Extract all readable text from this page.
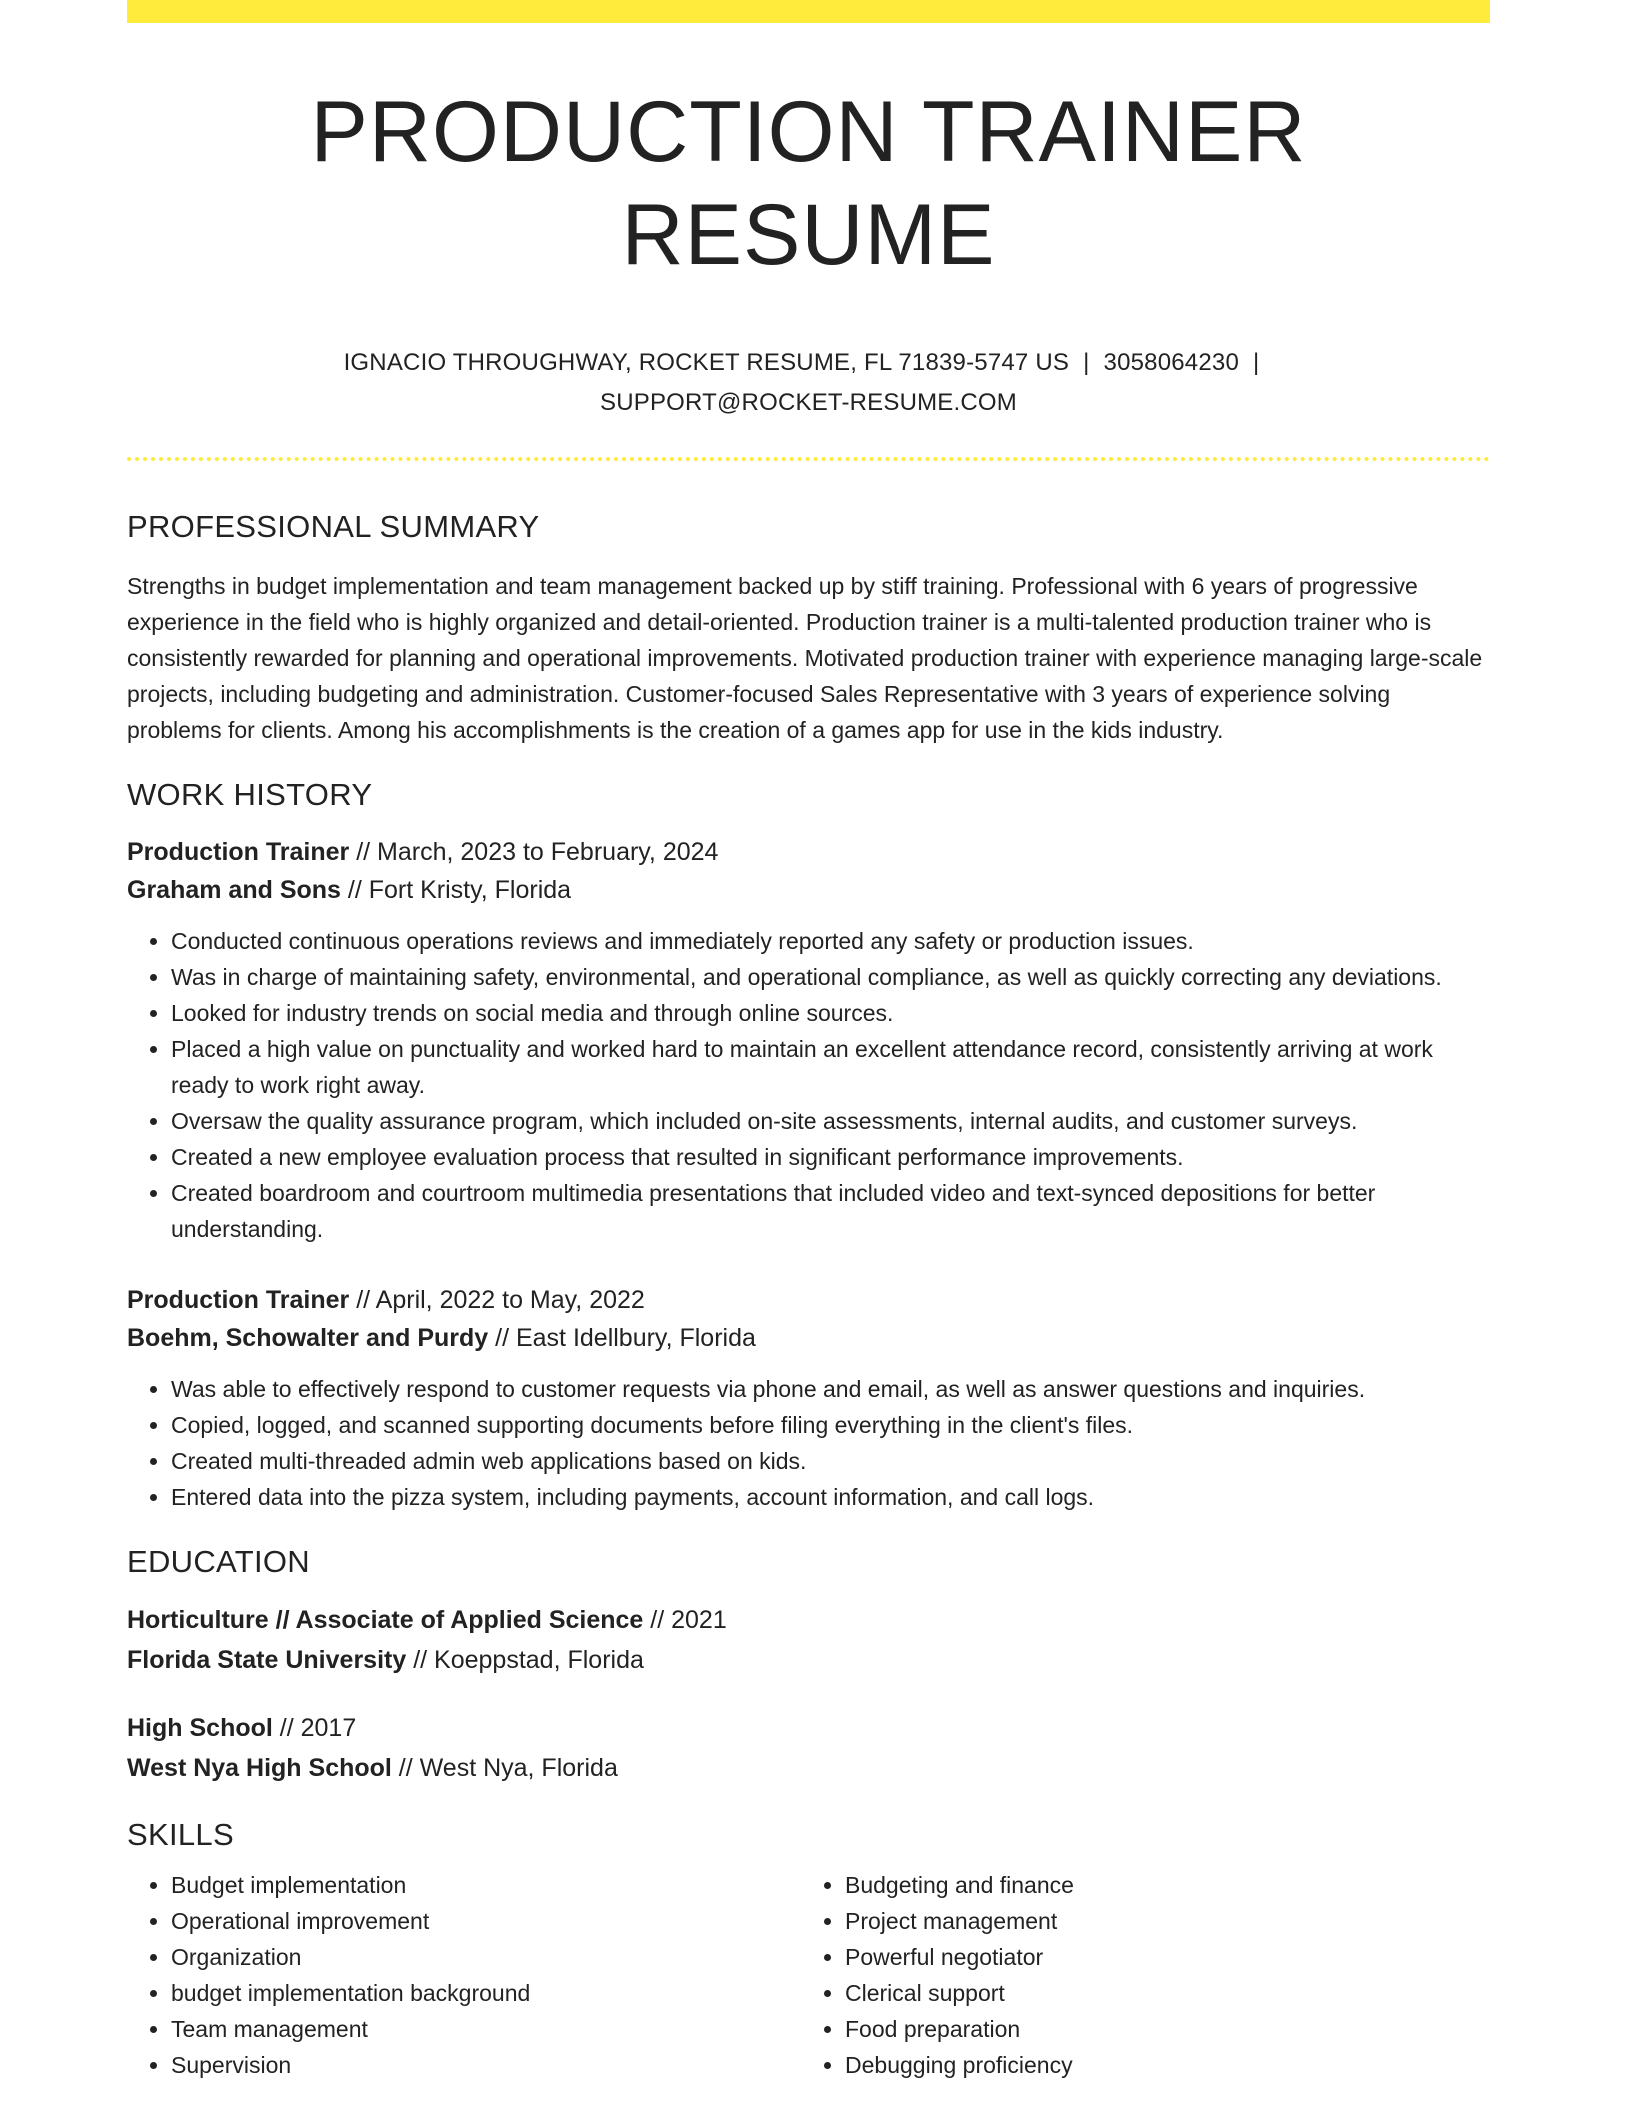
PRODUCTION TRAINER RESUME
IGNACIO THROUGHWAY, ROCKET RESUME, FL 71839-5747 US | 3058064230 |
SUPPORT@ROCKET-RESUME.COM
PROFESSIONAL SUMMARY

Strengths in budget implementation and team management backed up by stiff training. Professional with 6 years of progressive experience in the field who is highly organized and detail-oriented. Production trainer is a multi-talented production trainer who is consistently rewarded for planning and operational improvements. Motivated production trainer with experience managing large-scale projects, including budgeting and administration. Customer-focused Sales Representative with 3 years of experience solving problems for clients. Among his accomplishments is the creation of a games app for use in the kids industry.

WORK HISTORY
Production Trainer // March, 2023 to February, 2024
Graham and Sons // Fort Kristy, Florida
• Conducted continuous operations reviews and immediately reported any safety or production issues.
• Was in charge of maintaining safety, environmental, and operational compliance, as well as quickly correcting any deviations.
• Looked for industry trends on social media and through online sources.
• Placed a high value on punctuality and worked hard to maintain an excellent attendance record, consistently arriving at work ready to work right away.
• Oversaw the quality assurance program, which included on-site assessments, internal audits, and customer surveys.
• Created a new employee evaluation process that resulted in significant performance improvements.
• Created boardroom and courtroom multimedia presentations that included video and text-synced depositions for better understanding.
Production Trainer // April, 2022 to May, 2022
Boehm, Schowalter and Purdy // East Idellbury, Florida
• Was able to effectively respond to customer requests via phone and email, as well as answer questions and inquiries.
• Copied, logged, and scanned supporting documents before filing everything in the client's files.
• Created multi-threaded admin web applications based on kids.
• Entered data into the pizza system, including payments, account information, and call logs.
EDUCATION
Horticulture // Associate of Applied Science // 2021
Florida State University // Koeppstad, Florida
High School // 2017
West Nya High School // West Nya, Florida
SKILLS
• Budget implementation
• Operational improvement
• Organization
• budget implementation background
• Team management
• Supervision
• Budgeting and finance
• Project management
• Powerful negotiator
• Clerical support
• Food preparation
• Debugging proficiency
